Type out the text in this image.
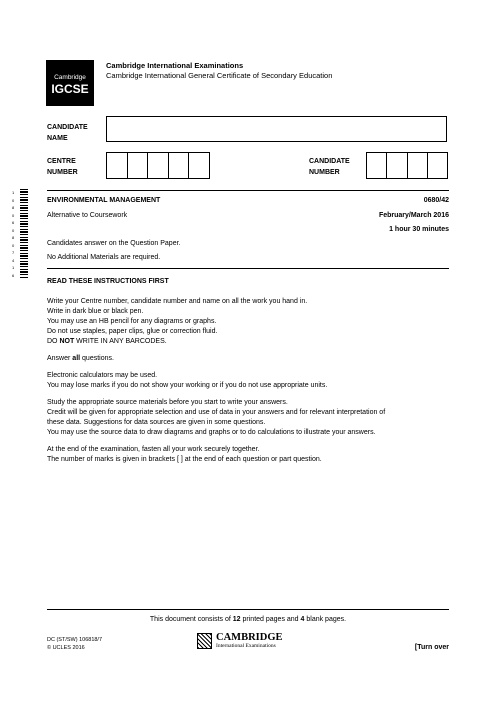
Cambridge
IGCSE
Cambridge International Examinations
Cambridge International General Certificate of Secondary Education
CANDIDATE
NAME
CENTRE
NUMBER
CANDIDATE
NUMBER
1 0 8 0 6 0 8 0 7 4 1 6
ENVIRONMENTAL MANAGEMENT	0680/42
Alternative to Coursework	February/March 2016
1 hour 30 minutes
Candidates answer on the Question Paper.
No Additional Materials are required.
READ THESE INSTRUCTIONS FIRST

Write your Centre number, candidate number and name on all the work you hand in.
Write in dark blue or black pen.
You may use an HB pencil for any diagrams or graphs.
Do not use staples, paper clips, glue or correction fluid.
DO NOT WRITE IN ANY BARCODES.

Answer all questions.

Electronic calculators may be used.
You may lose marks if you do not show your working or if you do not use appropriate units.

Study the appropriate source materials before you start to write your answers.
Credit will be given for appropriate selection and use of data in your answers and for relevant interpretation of
these data. Suggestions for data sources are given in some questions.
You may use the source data to draw diagrams and graphs or to do calculations to illustrate your answers.

At the end of the examination, fasten all your work securely together.
The number of marks is given in brackets [ ] at the end of each question or part question.

This document consists of 12 printed pages and 4 blank pages.
DC (ST/SW) 106818/7
© UCLES 2016
CAMBRIDGE
International Examinations	[Turn over
